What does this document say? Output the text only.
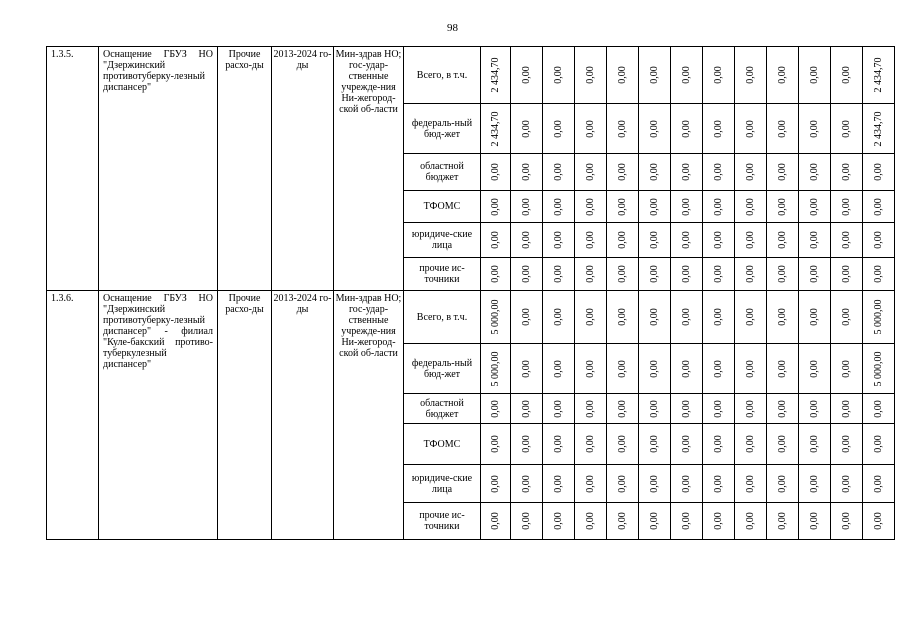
98
1.3.5.	Оснащение ГБУЗ НО "Дзержинский противотуберку-лезный диспансер"	Прочие расхо-ды	2013-2024 го-ды	Мин-здрав НО; гос-удар-ственные учрежде-ния Ни-жегород-ской об-ласти	Всего, в т.ч.	2 434,70	0,00	0,00	0,00	0,00	0,00	0,00	0,00	0,00	0,00	0,00	0,00	2 434,70

					федераль-ный бюд-жет	2 434,70	0,00	0,00	0,00	0,00	0,00	0,00	0,00	0,00	0,00	0,00	0,00	2 434,70

					областной бюджет	0,00	0,00	0,00	0,00	0,00	0,00	0,00	0,00	0,00	0,00	0,00	0,00	0,00

					ТФОМС	0,00	0,00	0,00	0,00	0,00	0,00	0,00	0,00	0,00	0,00	0,00	0,00	0,00

					юридиче-ские лица	0,00	0,00	0,00	0,00	0,00	0,00	0,00	0,00	0,00	0,00	0,00	0,00	0,00

					прочие ис-точники	0,00	0,00	0,00	0,00	0,00	0,00	0,00	0,00	0,00	0,00	0,00	0,00	0,00

1.3.6.	Оснащение ГБУЗ НО "Дзержинский противотуберку-лезный диспансер" - филиал "Куле-бакский противо-туберкулезный диспансер"	Прочие расхо-ды	2013-2024 го-ды	Мин-здрав НО; гос-удар-ственные учрежде-ния Ни-жегород-ской об-ласти	Всего, в т.ч.	5 000,00	0,00	0,00	0,00	0,00	0,00	0,00	0,00	0,00	0,00	0,00	0,00	5 000,00

					федераль-ный бюд-жет	5 000,00	0,00	0,00	0,00	0,00	0,00	0,00	0,00	0,00	0,00	0,00	0,00	5 000,00

					областной бюджет	0,00	0,00	0,00	0,00	0,00	0,00	0,00	0,00	0,00	0,00	0,00	0,00	0,00

					ТФОМС	0,00	0,00	0,00	0,00	0,00	0,00	0,00	0,00	0,00	0,00	0,00	0,00	0,00

					юридиче-ские лица	0,00	0,00	0,00	0,00	0,00	0,00	0,00	0,00	0,00	0,00	0,00	0,00	0,00

					прочие ис-точники	0,00	0,00	0,00	0,00	0,00	0,00	0,00	0,00	0,00	0,00	0,00	0,00	0,00
